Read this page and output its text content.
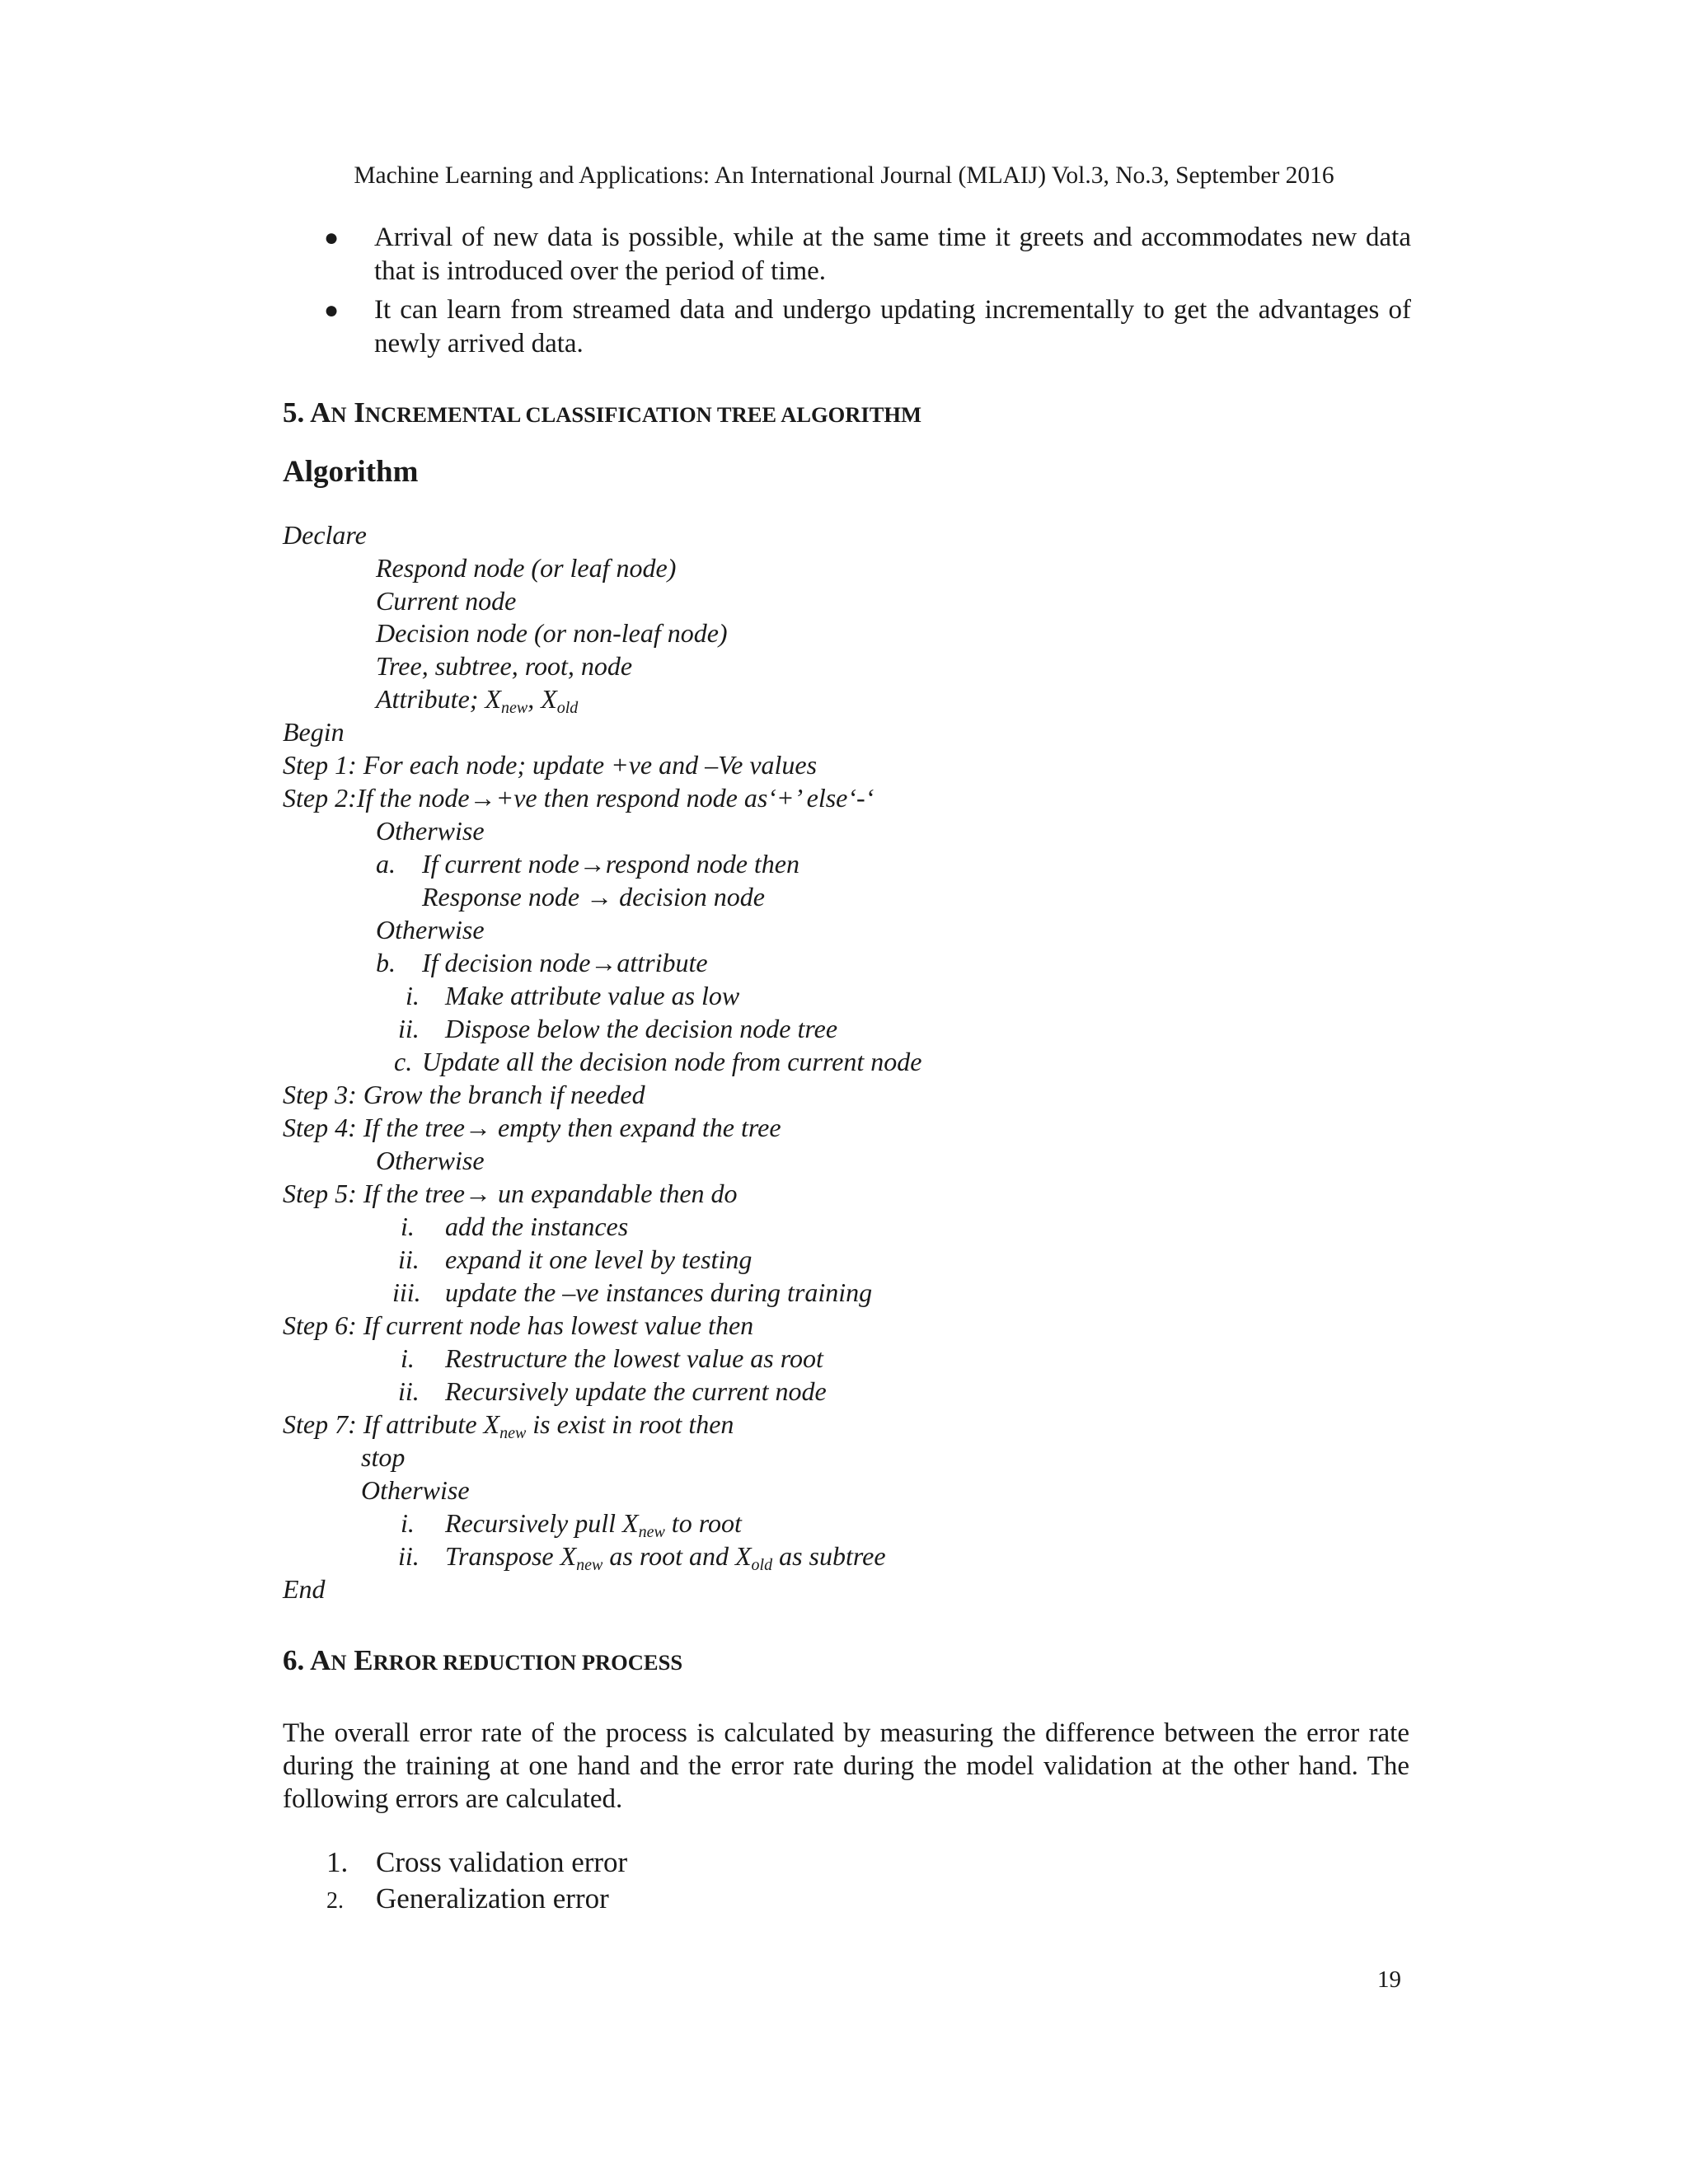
Machine Learning and Applications: An International Journal (MLAIJ) Vol.3, No.3, September 2016
● Arrival of new data is possible, while at the same time it greets and accommodates new data that is introduced over the period of time.
● It can learn from streamed data and undergo updating incrementally to get the advantages of newly arrived data.
5. AN INCREMENTAL CLASSIFICATION TREE ALGORITHM
Algorithm
Declare
Respond node (or leaf node)
Current node
Decision node (or non-leaf node)
Tree, subtree, root, node
Attribute; $X_{new}$, $X_{old}$
Begin
Step 1: For each node; update +ve and –Ve values
Step 2:If the node→+ve then respond node as‘+’ else‘-‘
Otherwise
a. If current node→respond node then
Response node → decision node
Otherwise
b. If decision node→attribute
i. Make attribute value as low
ii. Dispose below the decision node tree
c. Update all the decision node from current node
Step 3: Grow the branch if needed
Step 4: If the tree→ empty then expand the tree
Otherwise
Step 5: If the tree→ un expandable then do
i. add the instances
ii. expand it one level by testing
iii. update the –ve instances during training
Step 6: If current node has lowest value then
i. Restructure the lowest value as root
ii. Recursively update the current node
Step 7: If attribute $X_{new}$ is exist in root then
stop
Otherwise
i. Recursively pull $X_{new}$ to root
ii. Transpose $X_{new}$ as root and $X_{old}$ as subtree
End
6. AN ERROR REDUCTION PROCESS
The overall error rate of the process is calculated by measuring the difference between the error rate during the training at one hand and the error rate during the model validation at the other hand. The following errors are calculated.
1. Cross validation error
2. Generalization error
19
